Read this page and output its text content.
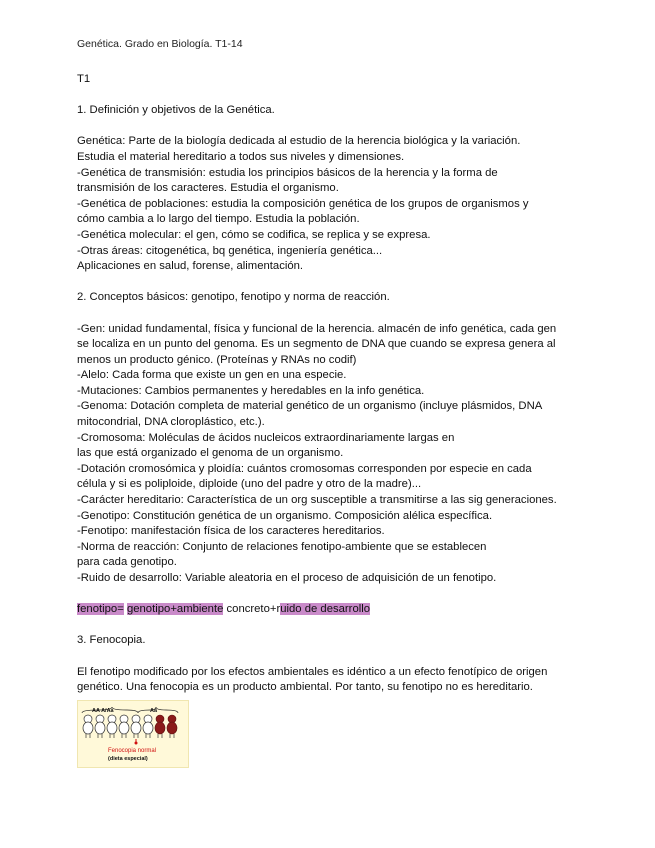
Genética. Grado en Biología. T1-14

T1

1. Definición y objetivos de la Genética.

Genética: Parte de la biología dedicada al estudio de la herencia biológica y la variación.

Estudia el material hereditario a todos sus niveles y dimensiones.

-Genética de transmisión: estudia los principios básicos de la herencia y la forma de

transmisión de los caracteres. Estudia el organismo.

-Genética de poblaciones: estudia la composición genética de los grupos de organismos y

cómo cambia a lo largo del tiempo. Estudia la población.

-Genética molecular: el gen, cómo se codifica, se replica y se expresa.

-Otras áreas: citogenética, bq genética, ingeniería genética...

Aplicaciones en salud, forense, alimentación.

2. Conceptos básicos: genotipo, fenotipo y norma de reacción.

-Gen: unidad fundamental, física y funcional de la herencia. almacén de info genética, cada gen

se localiza en un punto del genoma. Es un segmento de DNA que cuando se expresa genera al

menos un producto génico. (Proteínas y RNAs no codif)

-Alelo: Cada forma que existe un gen en una especie.

-Mutaciones: Cambios permanentes y heredables en la info genética.

-Genoma: Dotación completa de material genético de un organismo (incluye plásmidos, DNA

mitocondrial, DNA cloroplástico, etc.).

-Cromosoma: Moléculas de ácidos nucleicos extraordinariamente largas en

las que está organizado el genoma de un organismo.

-Dotación cromosómica y ploidía: cuántos cromosomas corresponden por especie en cada

célula y si es poliploide, diploide (uno del padre y otro de la madre)...

-Carácter hereditario: Característica de un org susceptible a transmitirse a las sig generaciones.

-Genotipo: Constitución genética de un organismo. Composición alélica específica.

-Fenotipo: manifestación física de los caracteres hereditarios.

-Norma de reacción: Conjunto de relaciones fenotipo-ambiente que se establecen

para cada genotipo.

-Ruido de desarrollo: Variable aleatoria en el proceso de adquisición de un fenotipo.

fenotipo= genotipo+ambiente concreto+ruido de desarrollo

3. Fenocopia.

El fenotipo modificado por los efectos ambientales es idéntico a un efecto fenotípico de origen

genético. Una fenocopia es un producto ambiental. Por tanto, su fenotipo no es hereditario.

AA A/Aa	Aa
Fenocopia normal
(dieta especial)
